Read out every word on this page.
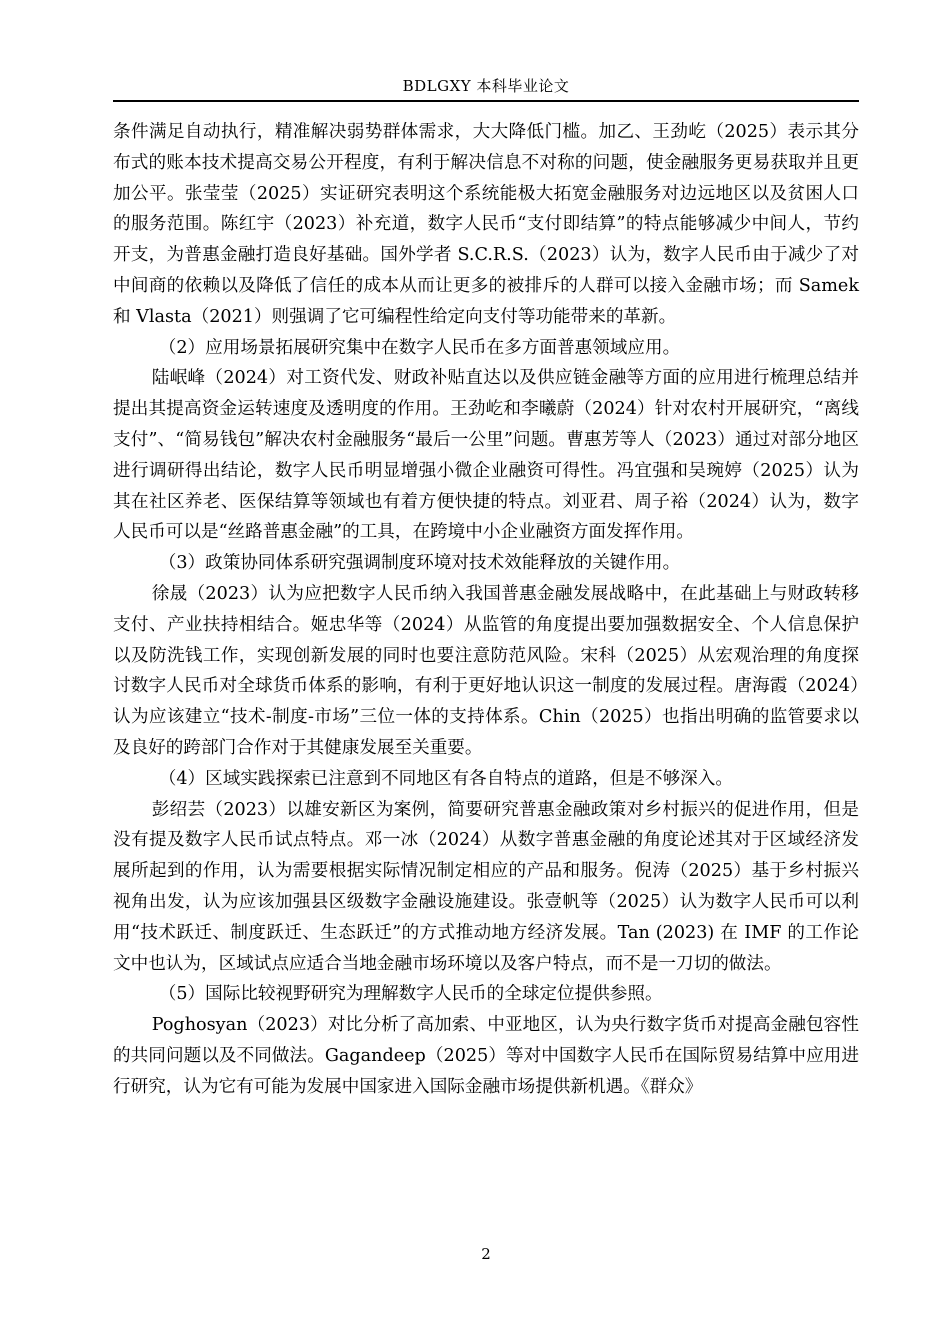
BDLGXY 本科毕业论文

条件满足自动执行，精准解决弱势群体需求，大大降低门槛。加乙、王劲屹（2025）表示其分布式的账本技术提高交易公开程度，有利于解决信息不对称的问题，使金融服务更易获取并且更加公平。张莹莹（2025）实证研究表明这个系统能极大拓宽金融服务对边远地区以及贫困人口的服务范围。陈红宇（2023）补充道，数字人民币“支付即结算”的特点能够减少中间人，节约开支，为普惠金融打造良好基础。国外学者 S.C.R.S.（2023）认为，数字人民币由于减少了对中间商的依赖以及降低了信任的成本从而让更多的被排斥的人群可以接入金融市场；而 Samek 和 Vlasta（2021）则强调了它可编程性给定向支付等功能带来的革新。

（2）应用场景拓展研究集中在数字人民币在多方面普惠领域应用。

陆岷峰（2024）对工资代发、财政补贴直达以及供应链金融等方面的应用进行梳理总结并提出其提高资金运转速度及透明度的作用。王劲屹和李曦蔚（2024）针对农村开展研究，“离线支付”、“简易钱包”解决农村金融服务“最后一公里”问题。曹惠芳等人（2023）通过对部分地区进行调研得出结论，数字人民币明显增强小微企业融资可得性。冯宜强和吴琬婷（2025）认为其在社区养老、医保结算等领域也有着方便快捷的特点。刘亚君、周子裕（2024）认为，数字人民币可以是“丝路普惠金融”的工具，在跨境中小企业融资方面发挥作用。

（3）政策协同体系研究强调制度环境对技术效能释放的关键作用。

徐晟（2023）认为应把数字人民币纳入我国普惠金融发展战略中，在此基础上与财政转移支付、产业扶持相结合。姬忠华等（2024）从监管的角度提出要加强数据安全、个人信息保护以及防洗钱工作，实现创新发展的同时也要注意防范风险。宋科（2025）从宏观治理的角度探讨数字人民币对全球货币体系的影响，有利于更好地认识这一制度的发展过程。唐海霞（2024）认为应该建立“技术-制度-市场”三位一体的支持体系。Chin（2025）也指出明确的监管要求以及良好的跨部门合作对于其健康发展至关重要。

（4）区域实践探索已注意到不同地区有各自特点的道路，但是不够深入。

彭绍芸（2023）以雄安新区为案例，简要研究普惠金融政策对乡村振兴的促进作用，但是没有提及数字人民币试点特点。邓一冰（2024）从数字普惠金融的角度论述其对于区域经济发展所起到的作用，认为需要根据实际情况制定相应的产品和服务。倪涛（2025）基于乡村振兴视角出发，认为应该加强县区级数字金融设施建设。张壹帆等（2025）认为数字人民币可以利用“技术跃迁、制度跃迁、生态跃迁”的方式推动地方经济发展。Tan (2023) 在 IMF 的工作论文中也认为，区域试点应适合当地金融市场环境以及客户特点，而不是一刀切的做法。

（5）国际比较视野研究为理解数字人民币的全球定位提供参照。

Poghosyan（2023）对比分析了高加索、中亚地区，认为央行数字货币对提高金融包容性的共同问题以及不同做法。Gagandeep（2025）等对中国数字人民币在国际贸易结算中应用进行研究，认为它有可能为发展中国家进入国际金融市场提供新机遇。《群众》

2
